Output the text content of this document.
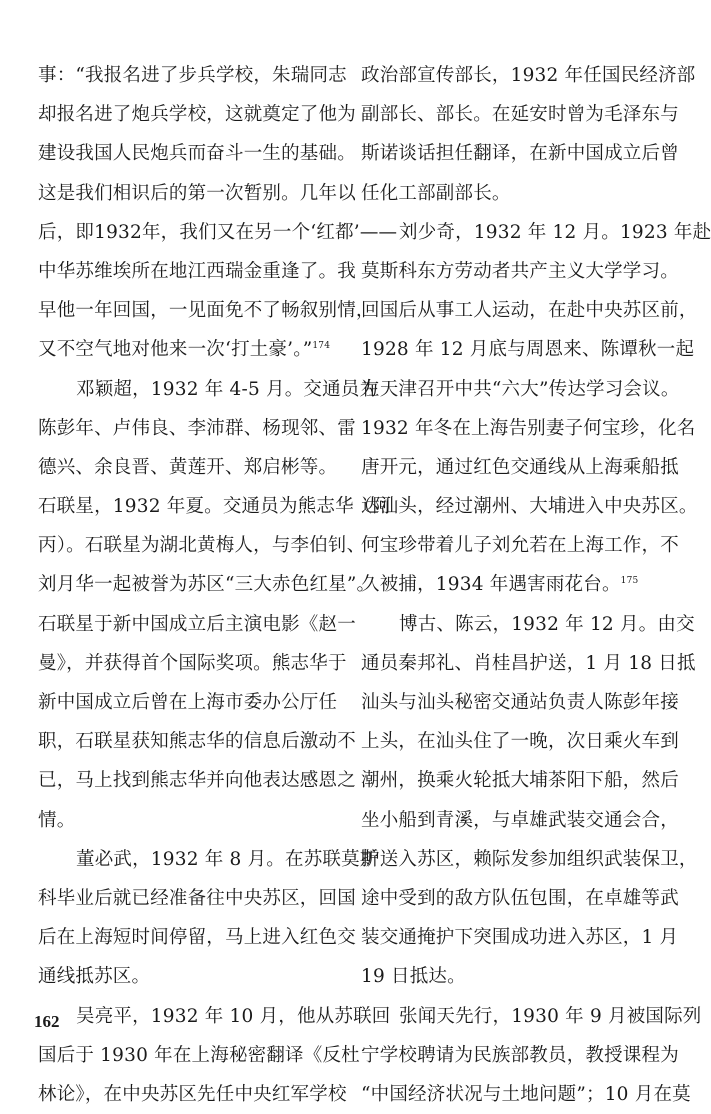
事：“我报名进了步兵学校，朱瑞同志
却报名进了炮兵学校，这就奠定了他为
建设我国人民炮兵而奋斗一生的基础。
这是我们相识后的第一次暂别。几年以
后，即1932年，我们又在另一个‘红都’——
中华苏维埃所在地江西瑞金重逢了。我
早他一年回国，一见面免不了畅叙别情，
又不空气地对他来一次‘打土豪’。”$^{174}$
邓颖超，1932 年 4-5 月。交通员为
陈彭年、卢伟良、李沛群、杨现邻、雷
德兴、余良晋、黄莲开、郑启彬等。
石联星，1932 年夏。交通员为熊志华（阿
丙）。石联星为湖北黄梅人，与李伯钊、
刘月华一起被誉为苏区“三大赤色红星”。
石联星于新中国成立后主演电影《赵一
曼》，并获得首个国际奖项。熊志华于
新中国成立后曾在上海市委办公厅任
职，石联星获知熊志华的信息后激动不
已，马上找到熊志华并向他表达感恩之
情。
董必武，1932 年 8 月。在苏联莫斯
科毕业后就已经准备往中央苏区，回国
后在上海短时间停留，马上进入红色交
通线抵苏区。
吴亮平，1932 年 10 月，他从苏联回
国后于 1930 年在上海秘密翻译《反杜
林论》，在中央苏区先任中央红军学校
政治部宣传部长，1932 年任国民经济部
副部长、部长。在延安时曾为毛泽东与
斯诺谈话担任翻译，在新中国成立后曾
任化工部副部长。
刘少奇，1932 年 12 月。1923 年赴
莫斯科东方劳动者共产主义大学学习。
回国后从事工人运动，在赴中央苏区前，
1928 年 12 月底与周恩来、陈谭秋一起
在天津召开中共“六大”传达学习会议。
1932 年冬在上海告别妻子何宝珍，化名
唐开元，通过红色交通线从上海乘船抵
达汕头，经过潮州、大埔进入中央苏区。
何宝珍带着儿子刘允若在上海工作，不
久被捕，1934 年遇害雨花台。$^{175}$
博古、陈云，1932 年 12 月。由交
通员秦邦礼、肖桂昌护送，1 月 18 日抵
汕头与汕头秘密交通站负责人陈彭年接
上头，在汕头住了一晚，次日乘火车到
潮州，换乘火轮抵大埔茶阳下船，然后
坐小船到青溪，与卓雄武装交通会合，
护送入苏区，赖际发参加组织武装保卫，
途中受到的敌方队伍包围，在卓雄等武
装交通掩护下突围成功进入苏区，1 月
19 日抵达。
张闻天先行，1930 年 9 月被国际列
宁学校聘请为民族部教员，教授课程为
“中国经济状况与土地问题”；10 月在莫
162
